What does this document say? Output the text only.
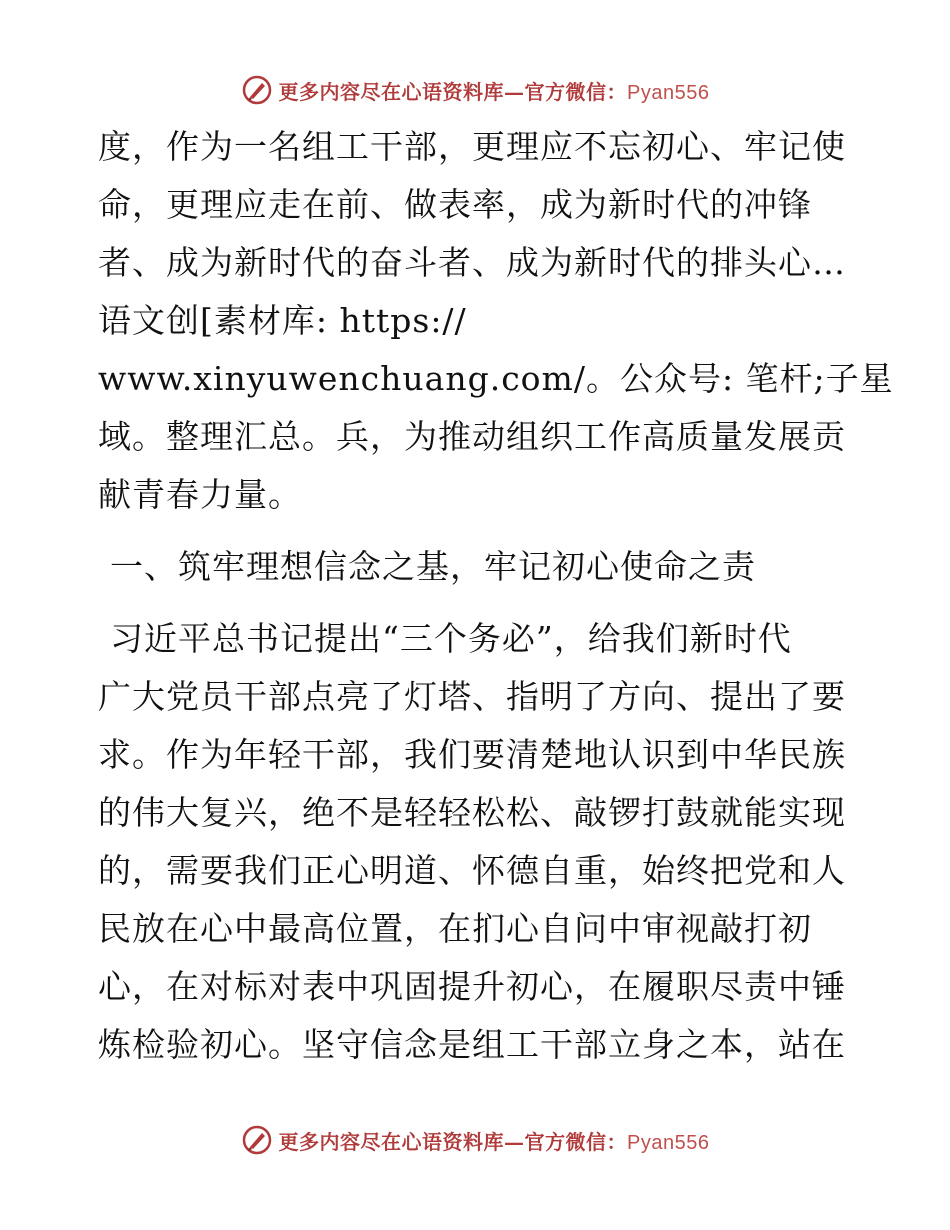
更多内容尽在心语资料库—官方微信：Pyan556
度，作为一名组工干部，更理应不忘初心、牢记使
命，更理应走在前、做表率，成为新时代的冲锋
者、成为新时代的奋斗者、成为新时代的排头心…
语文创[素材库: https://
www.xinyuwenchuang.com/。公众号: 笔杆;子星
域。整理汇总。兵，为推动组织工作高质量发展贡
献青春力量。
一、筑牢理想信念之基，牢记初心使命之责
习近平总书记提出“三个务必”，给我们新时代
广大党员干部点亮了灯塔、指明了方向、提出了要
求。作为年轻干部，我们要清楚地认识到中华民族
的伟大复兴，绝不是轻轻松松、敲锣打鼓就能实现
的，需要我们正心明道、怀德自重，始终把党和人
民放在心中最高位置，在扪心自问中审视敲打初
心，在对标对表中巩固提升初心，在履职尽责中锤
炼检验初心。坚守信念是组工干部立身之本，站在
更多内容尽在心语资料库—官方微信：Pyan556
